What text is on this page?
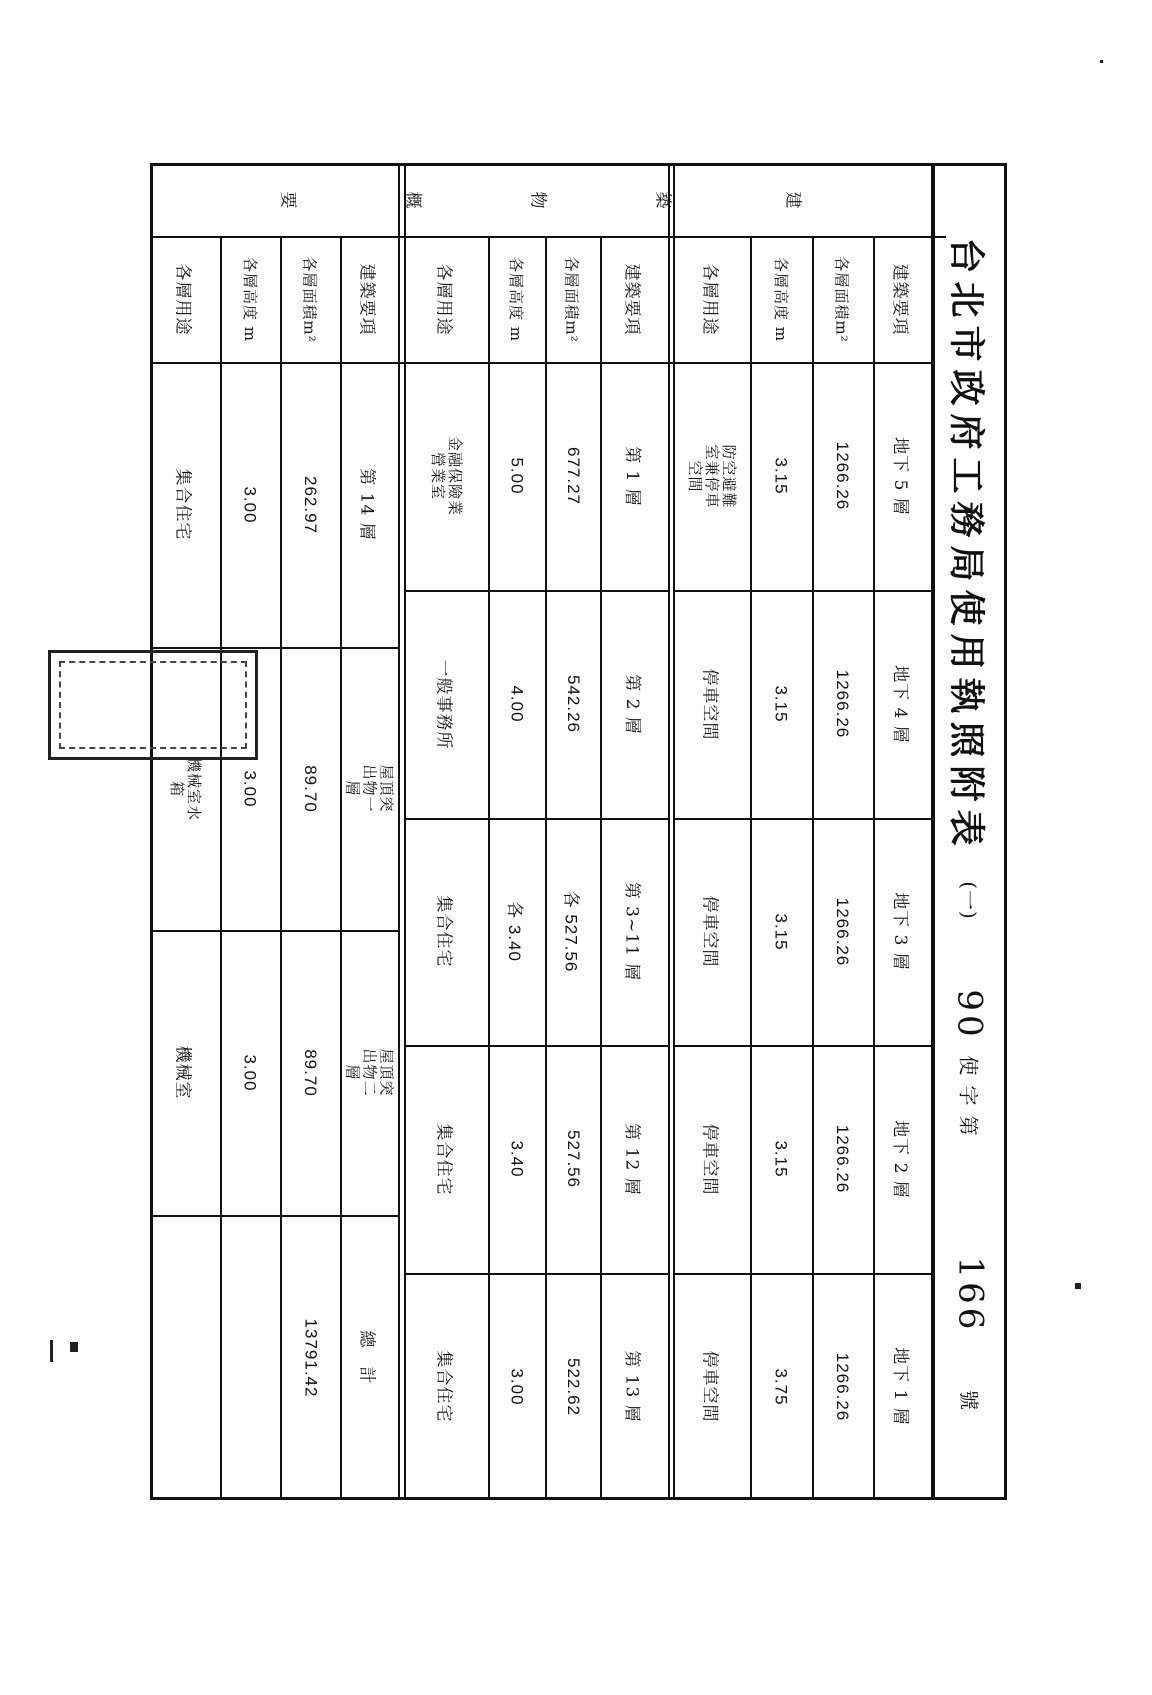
台北市政府工務局使用執照附表
(一)
90
使字第
166
號
建
築
物
概
要
建築要項
各層面積m²
各層高度 m
各層用途
地下 5 層
地下 4 層
地下 3 層
地下 2 層
地下 1 層
1266.26
1266.26
1266.26
1266.26
1266.26
3.15
3.15
3.15
3.15
3.75
防空避難室兼停車空間
停車空間
停車空間
停車空間
停車空間
建築要項
各層面積m²
各層高度 m
各層用途
第 1 層
第 2 層
第 3~11 層
第 12 層
第 13 層
677.27
542.26
各 527.56
527.56
522.62
5.00
4.00
各 3.40
3.40
3.00
金融保險業營業室
一般事務所
集合住宅
集合住宅
集合住宅
建築要項
各層面積m²
各層高度 m
各層用途
第 14 層
屋頂突出物一層
屋頂突出物二層
總　計
262.97
89.70
89.70
13791.42
3.00
3.00
3.00
集合住宅
機械室水箱
機械室
